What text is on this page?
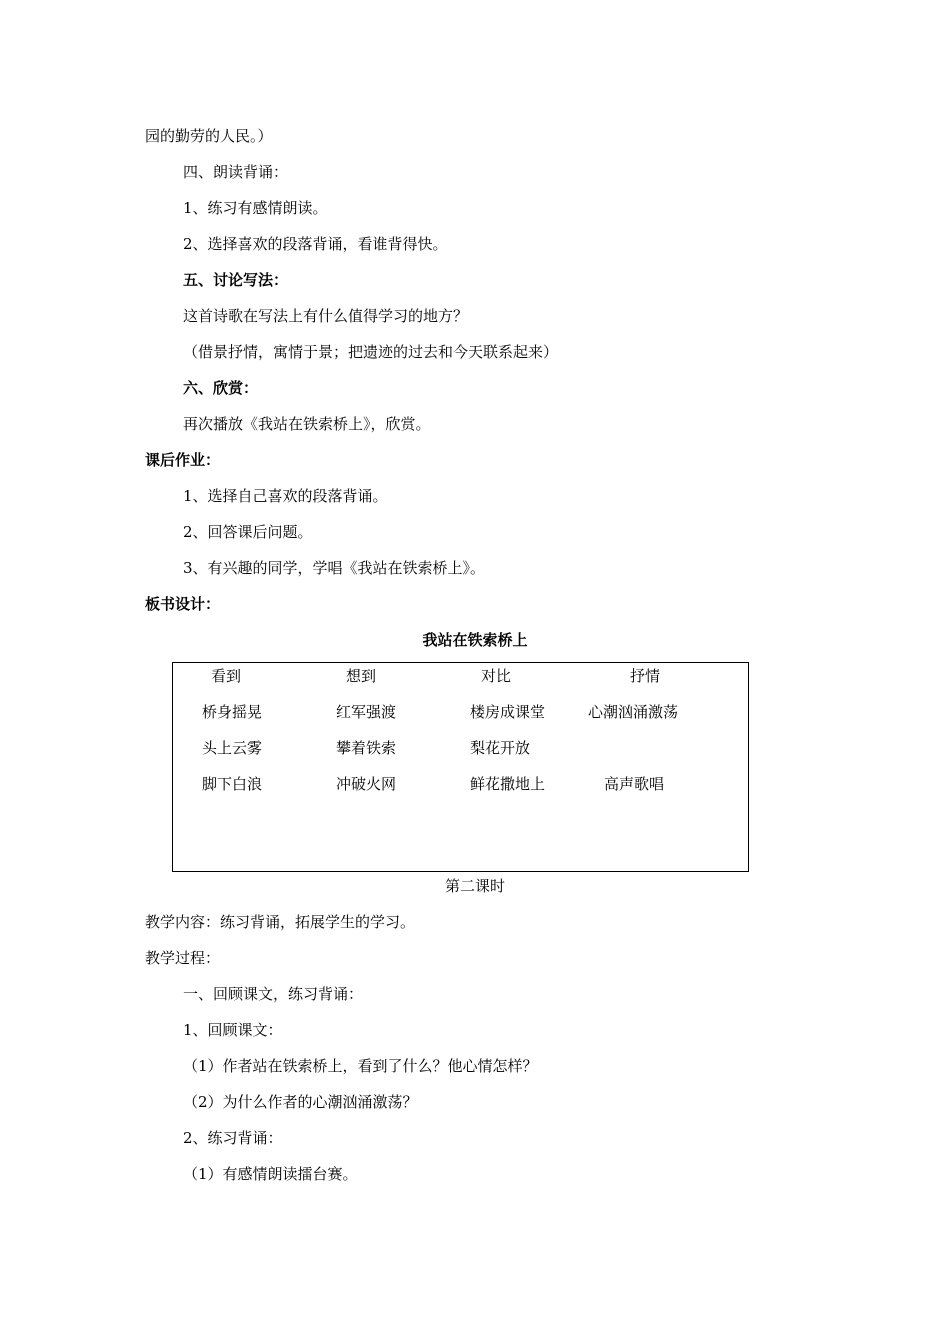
园的勤劳的人民。）
四、朗读背诵：
1、练习有感情朗读。
2、选择喜欢的段落背诵，看谁背得快。
五、讨论写法：
这首诗歌在写法上有什么值得学习的地方？
（借景抒情，寓情于景；把遗迹的过去和今天联系起来）
六、欣赏：
再次播放《我站在铁索桥上》，欣赏。
课后作业：
1、选择自己喜欢的段落背诵。
2、回答课后问题。
3、有兴趣的同学，学唱《我站在铁索桥上》。
板书设计：
我站在铁索桥上
看到	想到	对比	抒情
桥身摇晃	红军强渡	楼房成课堂	心潮汹涌激荡
头上云雾	攀着铁索	梨花开放
脚下白浪	冲破火网	鲜花撒地上	高声歌唱
第二课时
教学内容：练习背诵，拓展学生的学习。
教学过程：
一、回顾课文，练习背诵：
1、回顾课文：
（1）作者站在铁索桥上，看到了什么？他心情怎样？
（2）为什么作者的心潮汹涌激荡？
2、练习背诵：
（1）有感情朗读擂台赛。
